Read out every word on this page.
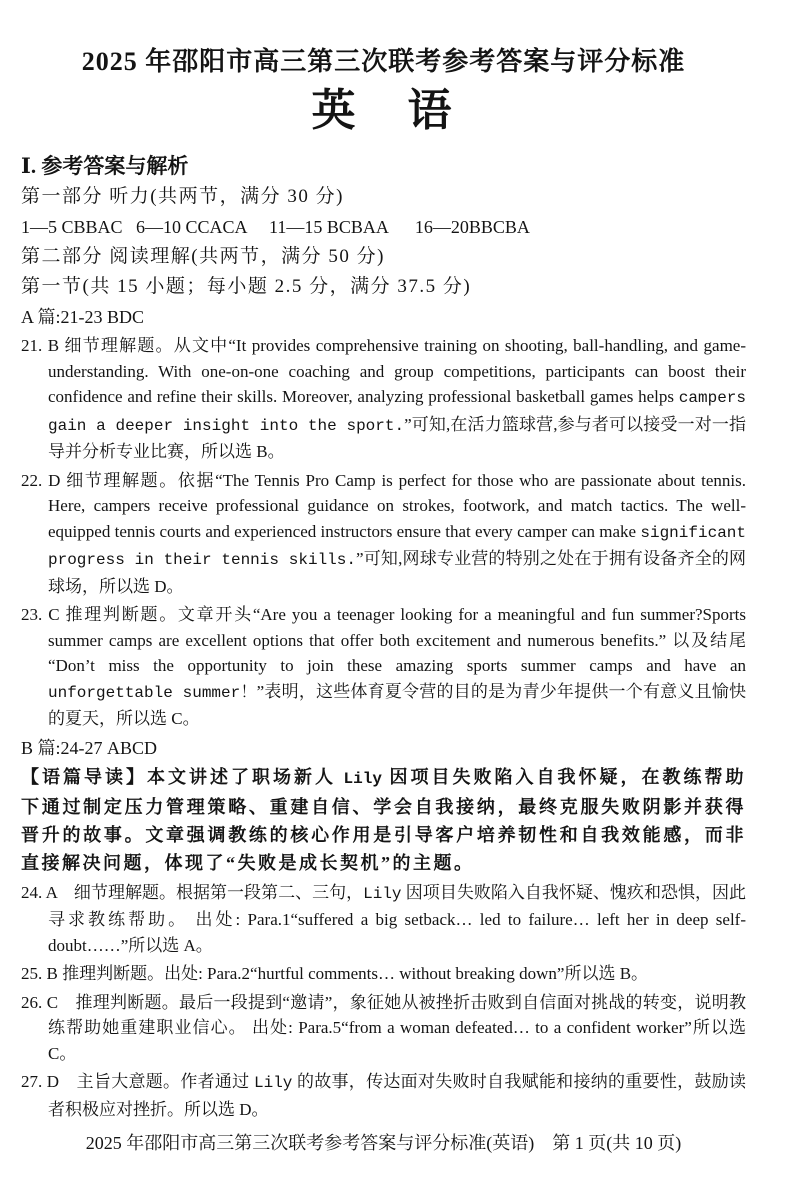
2025 年邵阳市高三第三次联考参考答案与评分标准
英　语
Ⅰ. 参考答案与解析
第一部分 听力(共两节，满分 30 分)
1—5 CBBAC   6—10 CCACA     11—15 BCBAA      16—20BBCBA
第二部分 阅读理解(共两节，满分 50 分)
第一节(共 15 小题；每小题 2.5 分，满分 37.5 分)
A 篇:21-23 BDC
21. B 细节理解题。从文中“It provides comprehensive training on shooting, ball-handling, and game-understanding. With one-on-one coaching and group competitions, participants can boost their confidence and refine their skills. Moreover, analyzing professional basketball games helps campers gain a deeper insight into the sport.”可知,在活力篮球营,参与者可以接受一对一指导并分析专业比赛，所以选 B。
22. D 细节理解题。依据“The Tennis Pro Camp is perfect for those who are passionate about tennis. Here, campers receive professional guidance on strokes, footwork, and match tactics. The well-equipped tennis courts and experienced instructors ensure that every camper can make significant progress in their tennis skills.”可知,网球专业营的特别之处在于拥有设备齐全的网球场，所以选 D。
23. C 推理判断题。文章开头“Are you a teenager looking for a meaningful and fun summer?Sports summer camps are excellent options that offer both excitement and numerous benefits.” 以及结尾 “Don’t miss the opportunity to join these amazing sports summer camps and have an unforgettable summer！”表明，这些体育夏令营的目的是为青少年提供一个有意义且愉快的夏天，所以选 C。
B 篇:24-27 ABCD
【语篇导读】本文讲述了职场新人 Lily 因项目失败陷入自我怀疑，在教练帮助下通过制定压力管理策略、重建自信、学会自我接纳，最终克服失败阴影并获得晋升的故事。文章强调教练的核心作用是引导客户培养韧性和自我效能感，而非直接解决问题，体现了“失败是成长契机”的主题。
24. A　细节理解题。根据第一段第二、三句，Lily 因项目失败陷入自我怀疑、愧疚和恐惧，因此寻求教练帮助。 出处: Para.1“suffered a big setback… led to failure… left her in deep self-doubt……”所以选 A。
25. B 推理判断题。出处: Para.2“hurtful comments… without breaking down”所以选 B。
26. C　推理判断题。最后一段提到“邀请”，象征她从被挫折击败到自信面对挑战的转变，说明教练帮助她重建职业信心。 出处: Para.5“from a woman defeated… to a confident worker”所以选 C。
27. D　主旨大意题。作者通过 Lily 的故事，传达面对失败时自我赋能和接纳的重要性，鼓励读者积极应对挫折。所以选 D。
2025 年邵阳市高三第三次联考参考答案与评分标准(英语)　第 1 页(共 10 页)
